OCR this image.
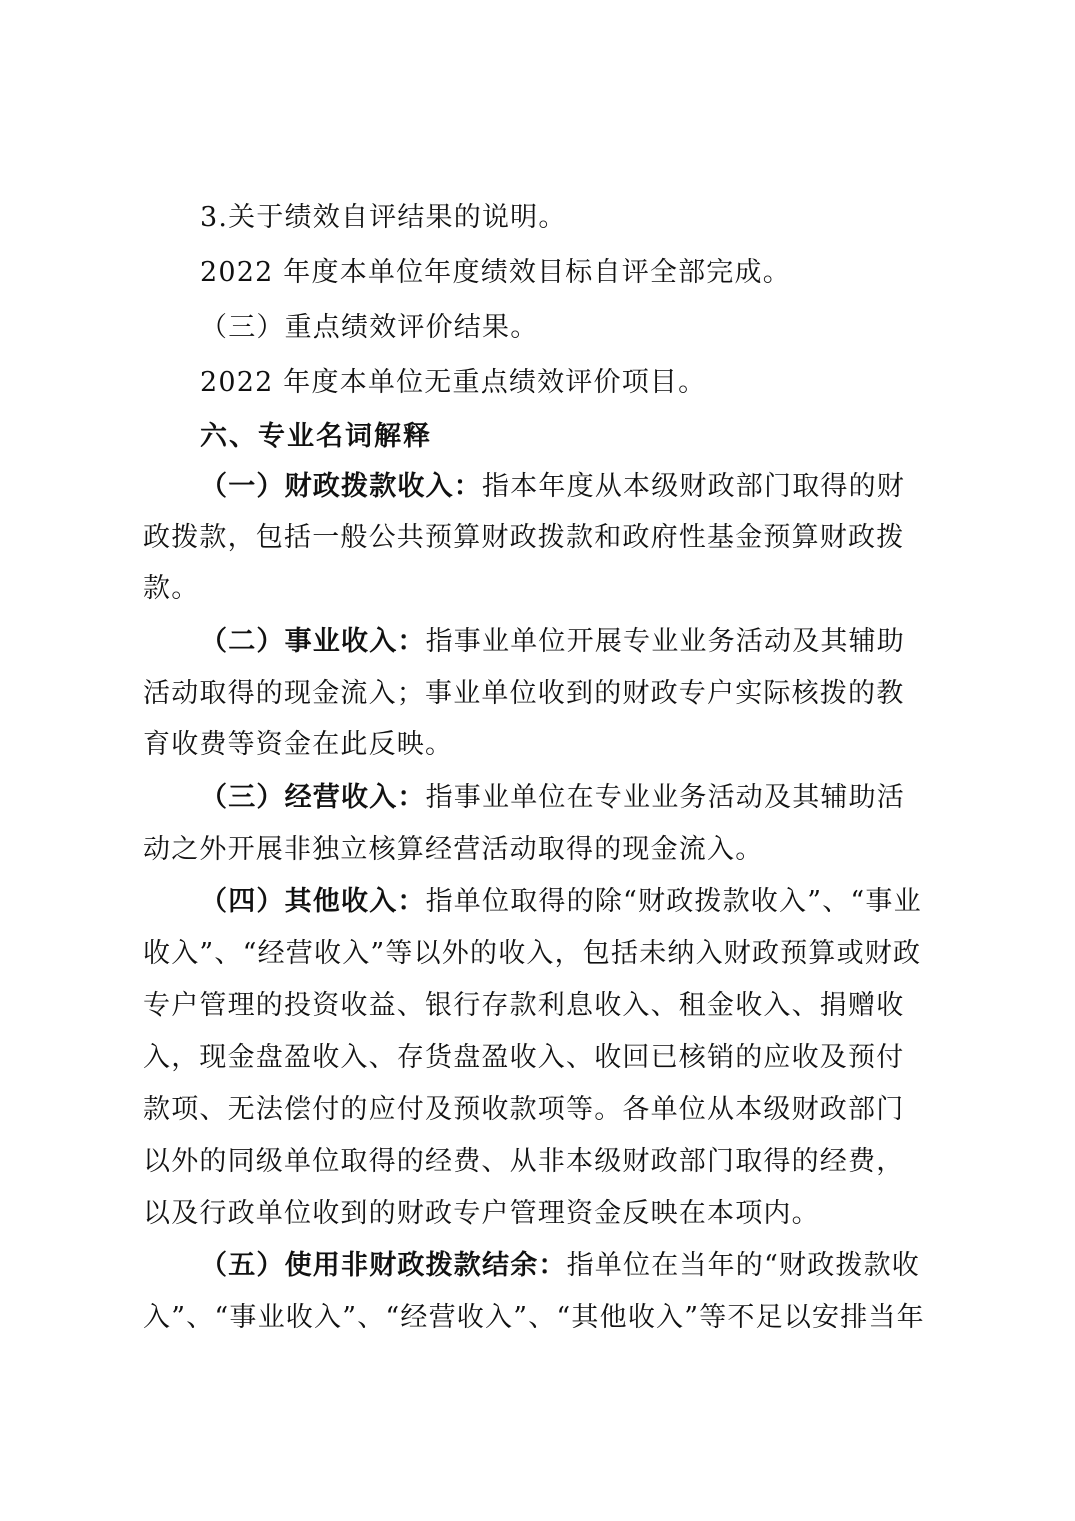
3.关于绩效自评结果的说明。
2022 年度本单位年度绩效目标自评全部完成。
（三）重点绩效评价结果。
2022 年度本单位无重点绩效评价项目。
六、专业名词解释
（一）财政拨款收入：指本年度从本级财政部门取得的财
政拨款，包括一般公共预算财政拨款和政府性基金预算财政拨
款。
（二）事业收入：指事业单位开展专业业务活动及其辅助
活动取得的现金流入；事业单位收到的财政专户实际核拨的教
育收费等资金在此反映。
（三）经营收入：指事业单位在专业业务活动及其辅助活
动之外开展非独立核算经营活动取得的现金流入。
（四）其他收入：指单位取得的除“财政拨款收入”、“事业
收入”、“经营收入”等以外的收入，包括未纳入财政预算或财政
专户管理的投资收益、银行存款利息收入、租金收入、捐赠收
入，现金盘盈收入、存货盘盈收入、收回已核销的应收及预付
款项、无法偿付的应付及预收款项等。各单位从本级财政部门
以外的同级单位取得的经费、从非本级财政部门取得的经费，
以及行政单位收到的财政专户管理资金反映在本项内。
（五）使用非财政拨款结余：指单位在当年的“财政拨款收
入”、“事业收入”、“经营收入”、“其他收入”等不足以安排当年
